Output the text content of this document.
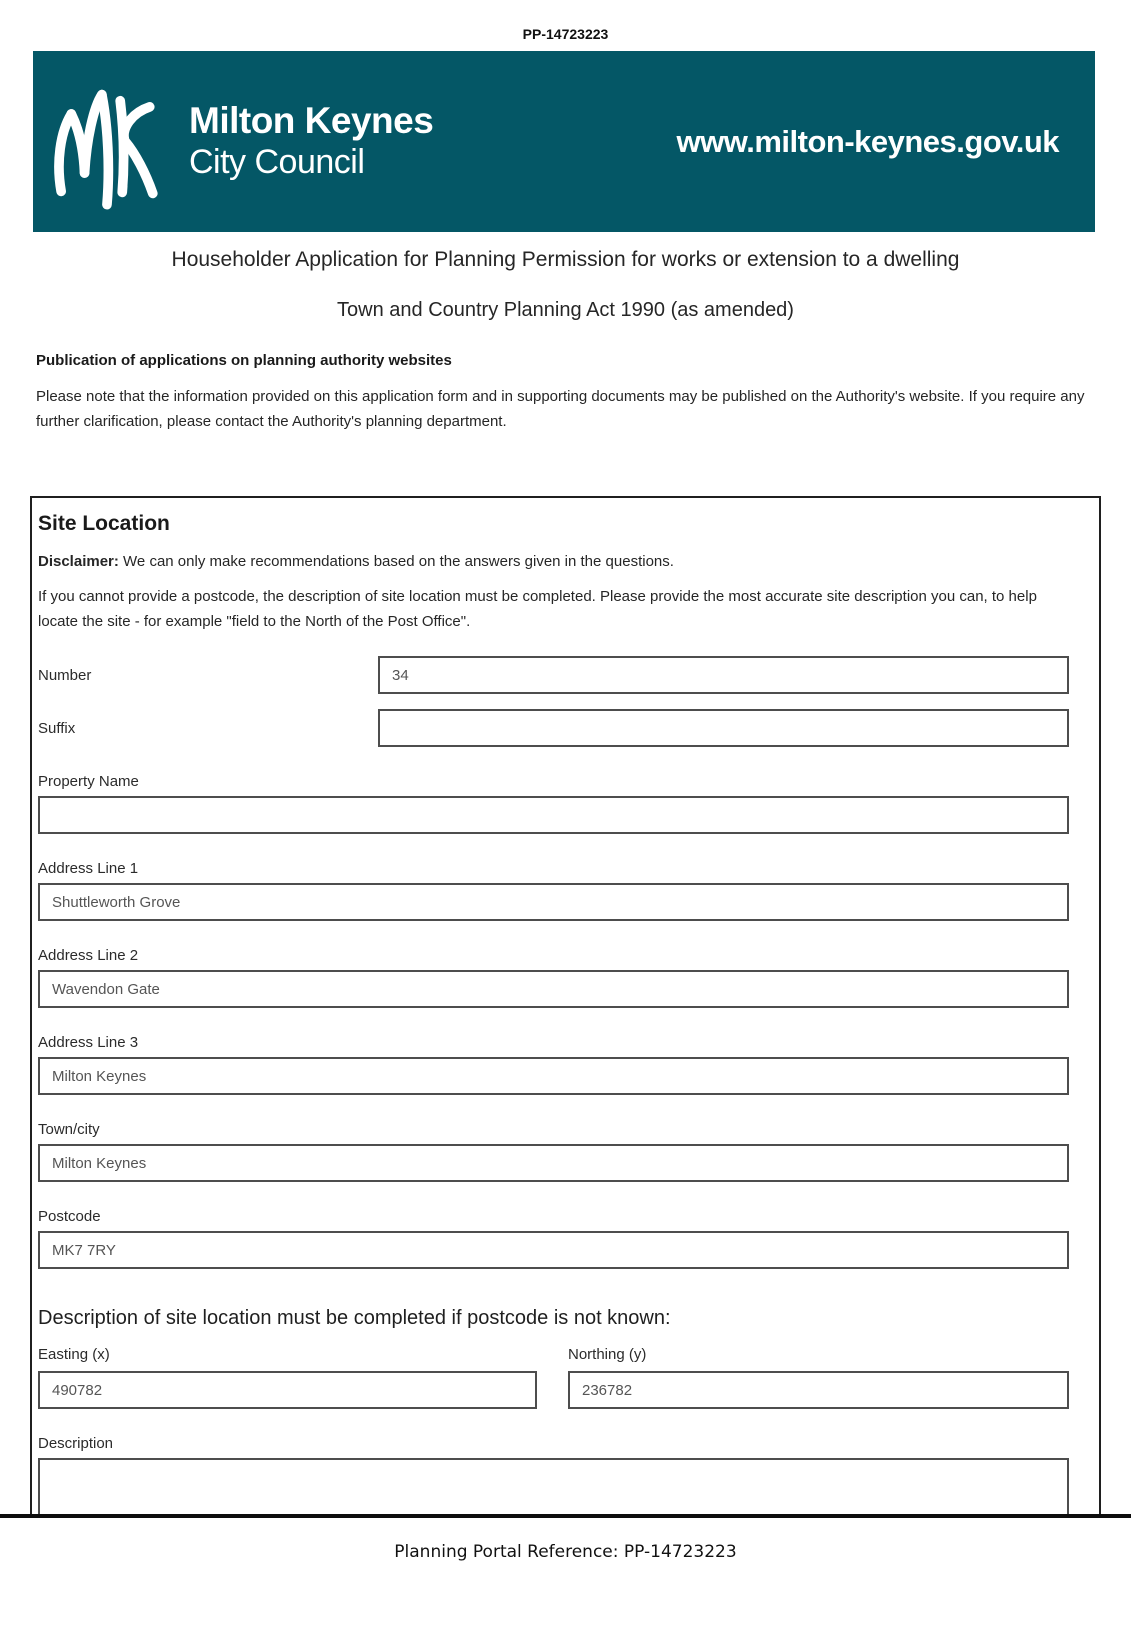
PP-14723223
Milton Keynes
City Council
www.milton-keynes.gov.uk
Householder Application for Planning Permission for works or extension to a dwelling
Town and Country Planning Act 1990 (as amended)
Publication of applications on planning authority websites
Please note that the information provided on this application form and in supporting documents may be published on the Authority's website. If you require any further clarification, please contact the Authority's planning department.
Site Location
Disclaimer: We can only make recommendations based on the answers given in the questions.
If you cannot provide a postcode, the description of site location must be completed. Please provide the most accurate site description you can, to help locate the site - for example "field to the North of the Post Office".
Number
34
Suffix
Property Name
Address Line 1
Shuttleworth Grove
Address Line 2
Wavendon Gate
Address Line 3
Milton Keynes
Town/city
Milton Keynes
Postcode
MK7 7RY
Description of site location must be completed if postcode is not known:
Easting (x)
490782	Northing (y)
236782
Description
Planning Portal Reference: PP-14723223
